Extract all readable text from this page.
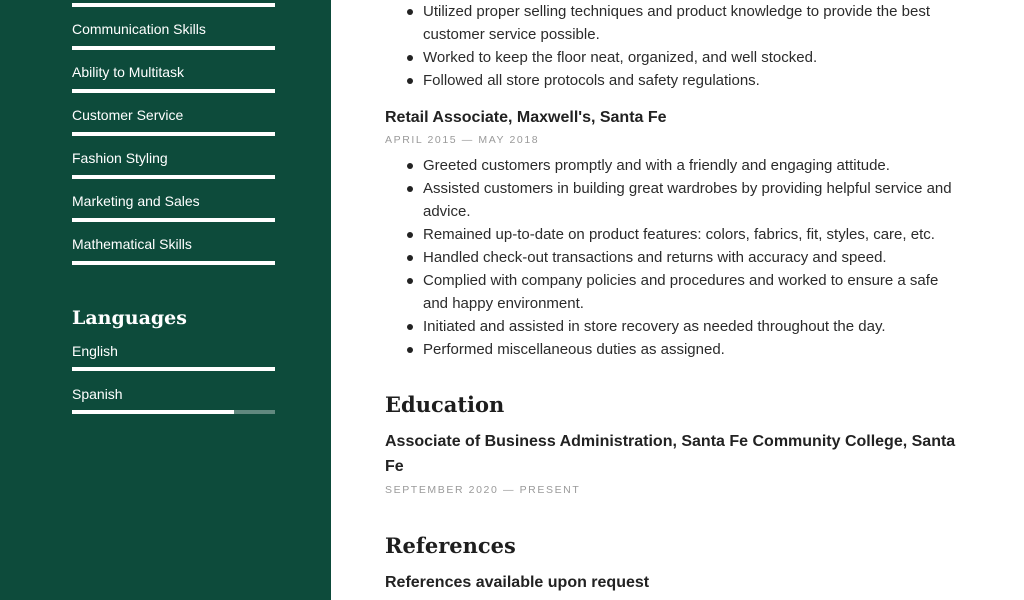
Communication Skills
Ability to Multitask
Customer Service
Fashion Styling
Marketing and Sales
Mathematical Skills
Languages
English
Spanish
Utilized proper selling techniques and product knowledge to provide the best customer service possible.
Worked to keep the floor neat, organized, and well stocked.
Followed all store protocols and safety regulations.
Retail Associate, Maxwell's, Santa Fe
APRIL 2015 — MAY 2018
Greeted customers promptly and with a friendly and engaging attitude.
Assisted customers in building great wardrobes by providing helpful service and advice.
Remained up-to-date on product features: colors, fabrics, fit, styles, care, etc.
Handled check-out transactions and returns with accuracy and speed.
Complied with company policies and procedures and worked to ensure a safe and happy environment.
Initiated and assisted in store recovery as needed throughout the day.
Performed miscellaneous duties as assigned.
Education
Associate of Business Administration, Santa Fe Community College, Santa Fe
SEPTEMBER 2020 — PRESENT
References
References available upon request
